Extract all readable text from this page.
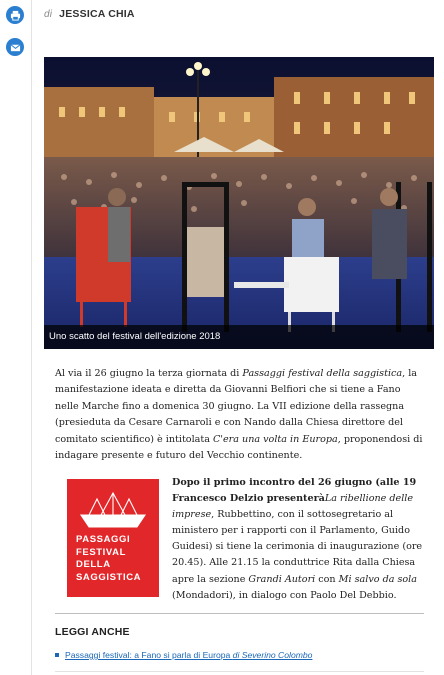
di JESSICA CHIA
Uno scatto del festival dell'edizione 2018

Al via il 26 giugno la terza giornata di Passaggi festival della saggistica, la manifestazione ideata e diretta da Giovanni Belfiori che si tiene a Fano nelle Marche fino a domenica 30 giugno. La VII edizione della rassegna (presieduta da Cesare Carnaroli e con Nando dalla Chiesa direttore del comitato scientifico) è intitolata C'era una volta in Europa, proponendosi di indagare presente e futuro del Vecchio continente.

PASSAGGI
FESTIVAL
DELLA
SAGGISTICA

Dopo il primo incontro del 26 giugno (alle 19 Francesco Delzio presenteràLa ribellione delle imprese, Rubbettino, con il sottosegretario al ministero per i rapporti con il Parlamento, Guido Guidesi) si tiene la cerimonia di inaugurazione (ore 20.45). Alle 21.15 la conduttrice Rita dalla Chiesa apre la sezione Grandi Autori con Mi salvo da sola (Mondadori), in dialogo con Paolo Del Debbio.

LEGGI ANCHE
Passaggi festival: a Fano si parla di Europa di Severino Colombo
